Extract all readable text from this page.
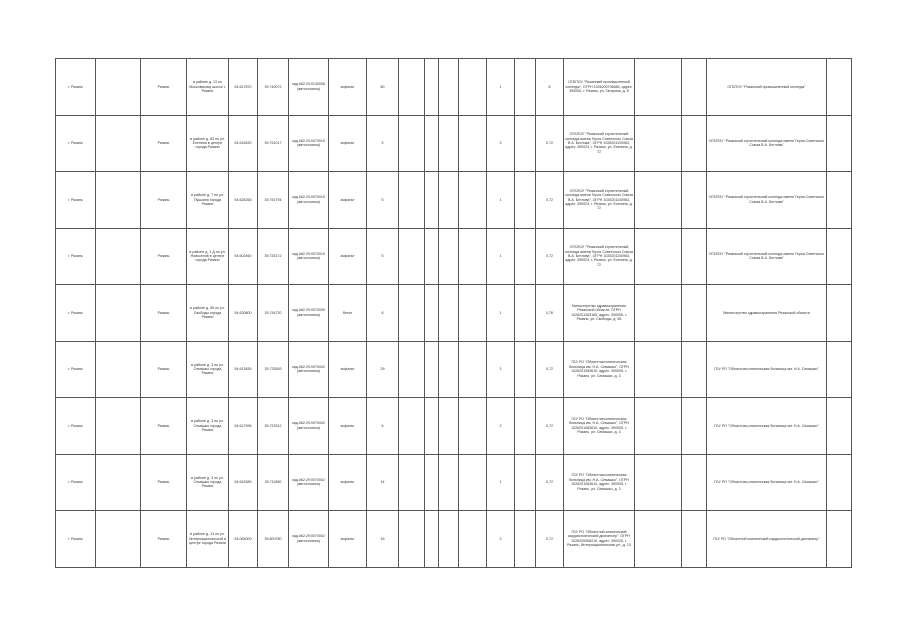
г. Рязань		Рязань	в районе д. 13 по Московскому шоссе г. Рязани	54.617870	39.740072	кад.#62:29:0130008 (автостоянка)	асфальт	80					1		8	ОГБПОУ "Рязанский промышленный колледж", ОГРН 1026200706680, адрес: 390000, г. Рязань, ул. Гагарина, д. 8			ОГБПОУ "Рязанский промышленный колледж"	
г. Рязань		Рязань	в районе д. 83 по ул. Есенина в центре города Рязани	54.618420	39.751017	кад.#62:29:0070019 (автостоянка)	асфальт	5					2		0,72	ОГБПОУ "Рязанский строительный колледж имени Героя Советского Союза В.А. Беглова", ОГРН 1026201100963, адрес: 390023, г. Рязань, ул. Есенина, д. 72			ОГБПОУ "Рязанский строительный колледж имени Героя Советского Союза В.А. Беглова"	
г. Рязань		Рязань	в районе д. 7 по ул. Пушкина города Рязани	54.628265	39.751794	кад.#62:29:0070019 (автостоянка)	асфальт	5					1		0,72	ОГБПОУ "Рязанский строительный колледж имени Героя Советского Союза В.А. Беглова", ОГРН 1026201100963, адрес: 390023, г. Рязань, ул. Есенина, д. 72			ОГБПОУ "Рязанский строительный колледж имени Героя Советского Союза В.А. Беглова"	
г. Рязань		Рязань	в районе д. 1 Д по ул. Новоселов в центре города Рязани	54.602460	39.725172	кад.#62:29:0070019 (автостоянка)	асфальт	5					1		0,72	ОГБПОУ "Рязанский строительный колледж имени Героя Советского Союза В.А. Беглова", ОГРН 1026201100963, адрес: 390023, г. Рязань, ул. Есенина, д. 72			ОГБПОУ "Рязанский строительный колледж имени Героя Советского Союза В.А. Беглова"	
г. Рязань		Рязань	в районе д. 55 по ул. Свободы города Рязани	54.630800	39.744720	кад.#62:29:0070009 (автостоянка)	бетон	8					1		0,76	Министерство здравоохранения Рязанской области, ОГРН 1026201263165, адрес: 390006, г. Рязань, ул. Свободы, д. 55			Министерство здравоохранения Рязанской области	
г. Рязань		Рязань	в районе д. 3 по ул. Семашко города Рязани	54.613455	39.733593	кад.#62:29:0070002 (автостоянка)	асфальт	29					3		0,72	ГБУ РО "Областная клиническая больница им. Н.А. Семашко", ОГРН 1026201083610, адрес: 390005, г. Рязань, ул. Семашко, д. 3			ГБУ РО "Областная клиническая больница им. Н.А. Семашко"	
г. Рязань		Рязань	в районе д. 3 по ул. Семашко города Рязани	54.617996	39.723312	кад.#62:29:0070002 (автостоянка)	асфальт	6					2		0,72	ГБУ РО "Областная клиническая больница им. Н.А. Семашко", ОГРН 1026201083610, адрес: 390005, г. Рязань, ул. Семашко, д. 3			ГБУ РО "Областная клиническая больница им. Н.А. Семашко"	
г. Рязань		Рязань	в районе д. 3 по ул. Семашко города Рязани	54.615389	39.711850	кад.#62:29:0070002 (автостоянка)	асфальт	14					1		0,72	ГБУ РО "Областная клиническая больница им. Н.А. Семашко", ОГРН 1026201083610, адрес: 390005, г. Рязань, ул. Семашко, д. 3			ГБУ РО "Областная клиническая больница им. Н.А. Семашко"	
г. Рязань		Рязань	в районе д. 13 по ул. Интернациональной в центре города Рязани	54.083000	39.800780	кад.#62:29:0070002 (автостоянка)	асфальт	16					2		0,72	ГБУ РО "Областной клинический кардиологический диспансер", ОГРН 1026200958210, адрес: 390026, г. Рязань, Интернациональная ул., д. 13			ГБУ РО "Областной клинический кардиологический диспансер"	
